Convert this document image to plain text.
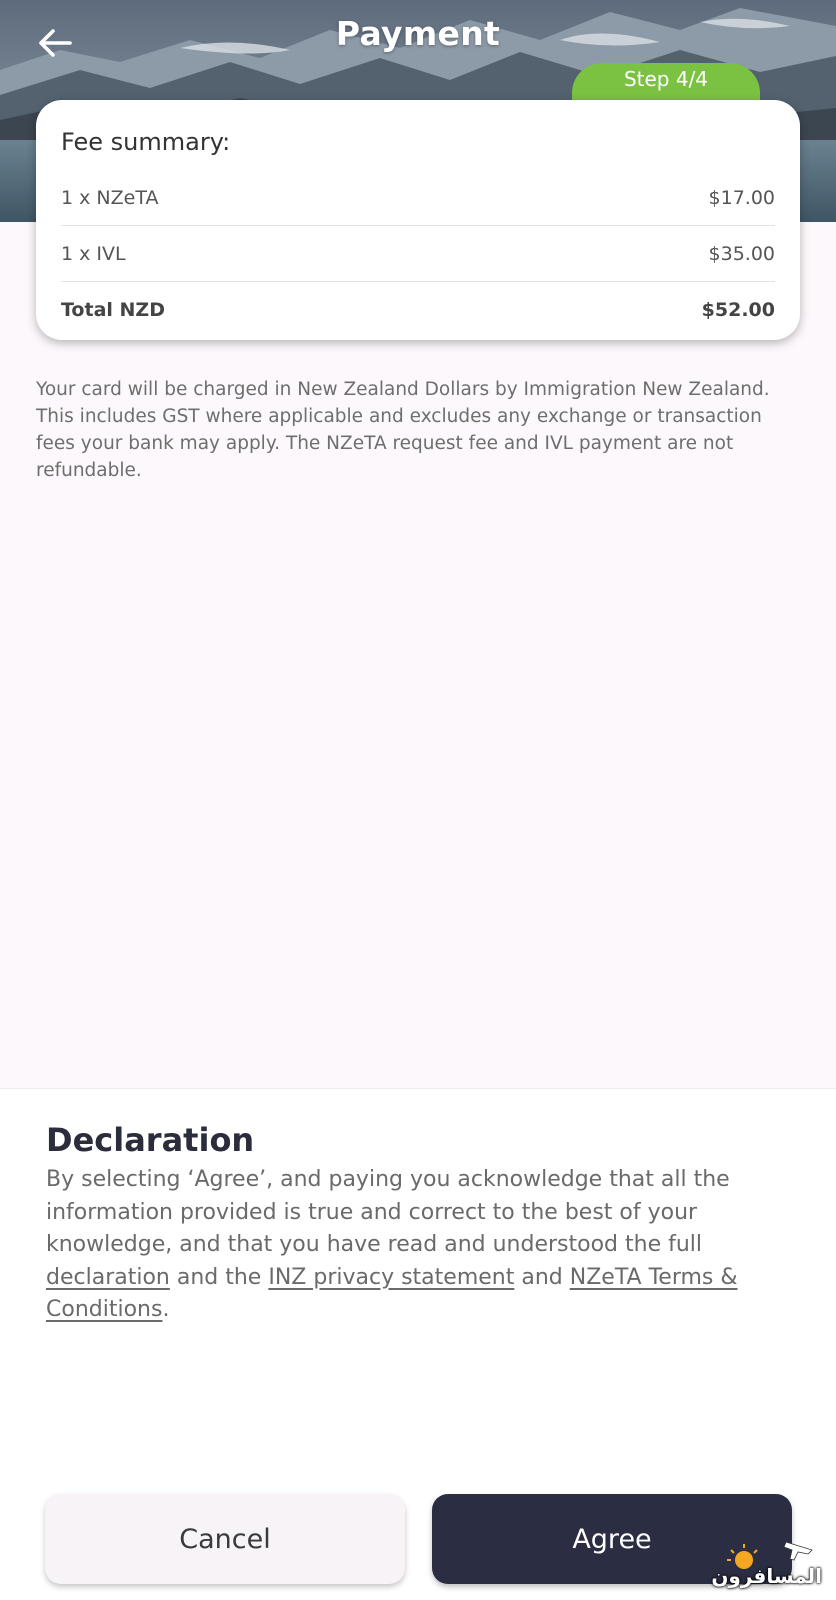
Payment
Step 4/4
Fee summary:
1 x NZeTA	$17.00
1 x IVL	$35.00
Total NZD	$52.00
Your card will be charged in New Zealand Dollars by Immigration New Zealand. This includes GST where applicable and excludes any exchange or transaction fees your bank may apply. The NZeTA request fee and IVL payment are not refundable.
Declaration
By selecting ‘Agree’, and paying you acknowledge that all the information provided is true and correct to the best of your knowledge, and that you have read and understood the full declaration and the INZ privacy statement and NZeTA Terms & Conditions.
Cancel	Agree
المسافرون
